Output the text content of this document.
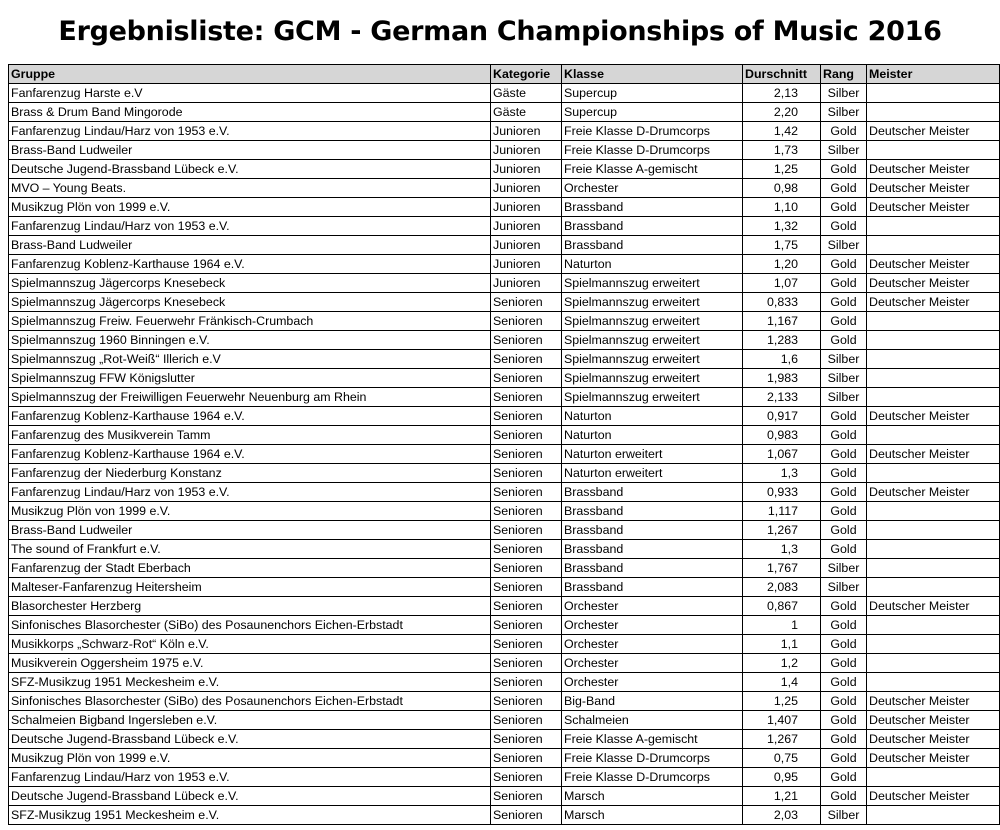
Ergebnisliste: GCM - German Championships of Music 2016
Gruppe	Kategorie	Klasse	Durschnitt	Rang	Meister
Fanfarenzug Harste e.V	Gäste	Supercup	2,13	Silber	
Brass & Drum Band Mingorode	Gäste	Supercup	2,20	Silber	
Fanfarenzug Lindau/Harz von 1953 e.V.	Junioren	Freie Klasse D-Drumcorps	1,42	Gold	Deutscher Meister
Brass-Band Ludweiler	Junioren	Freie Klasse D-Drumcorps	1,73	Silber	
Deutsche Jugend-Brassband Lübeck e.V.	Junioren	Freie Klasse A-gemischt	1,25	Gold	Deutscher Meister
MVO – Young Beats.	Junioren	Orchester	0,98	Gold	Deutscher Meister
Musikzug Plön von 1999 e.V.	Junioren	Brassband	1,10	Gold	Deutscher Meister
Fanfarenzug Lindau/Harz von 1953 e.V.	Junioren	Brassband	1,32	Gold	
Brass-Band Ludweiler	Junioren	Brassband	1,75	Silber	
Fanfarenzug Koblenz-Karthause 1964 e.V.	Junioren	Naturton	1,20	Gold	Deutscher Meister
Spielmannszug Jägercorps Knesebeck	Junioren	Spielmannszug erweitert	1,07	Gold	Deutscher Meister
Spielmannszug Jägercorps Knesebeck	Senioren	Spielmannszug erweitert	0,833	Gold	Deutscher Meister
Spielmannszug Freiw. Feuerwehr Fränkisch-Crumbach	Senioren	Spielmannszug erweitert	1,167	Gold	
Spielmannszug 1960 Binningen e.V.	Senioren	Spielmannszug erweitert	1,283	Gold	
Spielmannszug „Rot-Weiß“ Illerich e.V	Senioren	Spielmannszug erweitert	1,6	Silber	
Spielmannszug FFW Königslutter	Senioren	Spielmannszug erweitert	1,983	Silber	
Spielmannszug der Freiwilligen Feuerwehr Neuenburg am Rhein	Senioren	Spielmannszug erweitert	2,133	Silber	
Fanfarenzug Koblenz-Karthause 1964 e.V.	Senioren	Naturton	0,917	Gold	Deutscher Meister
Fanfarenzug des Musikverein Tamm	Senioren	Naturton	0,983	Gold	
Fanfarenzug Koblenz-Karthause 1964 e.V.	Senioren	Naturton erweitert	1,067	Gold	Deutscher Meister
Fanfarenzug der Niederburg Konstanz	Senioren	Naturton erweitert	1,3	Gold	
Fanfarenzug Lindau/Harz von 1953 e.V.	Senioren	Brassband	0,933	Gold	Deutscher Meister
Musikzug Plön von 1999 e.V.	Senioren	Brassband	1,117	Gold	
Brass-Band Ludweiler	Senioren	Brassband	1,267	Gold	
The sound of Frankfurt e.V.	Senioren	Brassband	1,3	Gold	
Fanfarenzug der Stadt Eberbach	Senioren	Brassband	1,767	Silber	
Malteser-Fanfarenzug Heitersheim	Senioren	Brassband	2,083	Silber	
Blasorchester Herzberg	Senioren	Orchester	0,867	Gold	Deutscher Meister
Sinfonisches Blasorchester (SiBo) des Posaunenchors Eichen-Erbstadt	Senioren	Orchester	1	Gold	
Musikkorps „Schwarz-Rot“ Köln e.V.	Senioren	Orchester	1,1	Gold	
Musikverein Oggersheim 1975 e.V.	Senioren	Orchester	1,2	Gold	
SFZ-Musikzug 1951 Meckesheim e.V.	Senioren	Orchester	1,4	Gold	
Sinfonisches Blasorchester (SiBo) des Posaunenchors Eichen-Erbstadt	Senioren	Big-Band	1,25	Gold	Deutscher Meister
Schalmeien Bigband Ingersleben e.V.	Senioren	Schalmeien	1,407	Gold	Deutscher Meister
Deutsche Jugend-Brassband Lübeck e.V.	Senioren	Freie Klasse A-gemischt	1,267	Gold	Deutscher Meister
Musikzug Plön von 1999 e.V.	Senioren	Freie Klasse D-Drumcorps	0,75	Gold	Deutscher Meister
Fanfarenzug Lindau/Harz von 1953 e.V.	Senioren	Freie Klasse D-Drumcorps	0,95	Gold	
Deutsche Jugend-Brassband Lübeck e.V.	Senioren	Marsch	1,21	Gold	Deutscher Meister
SFZ-Musikzug 1951 Meckesheim e.V.	Senioren	Marsch	2,03	Silber	
